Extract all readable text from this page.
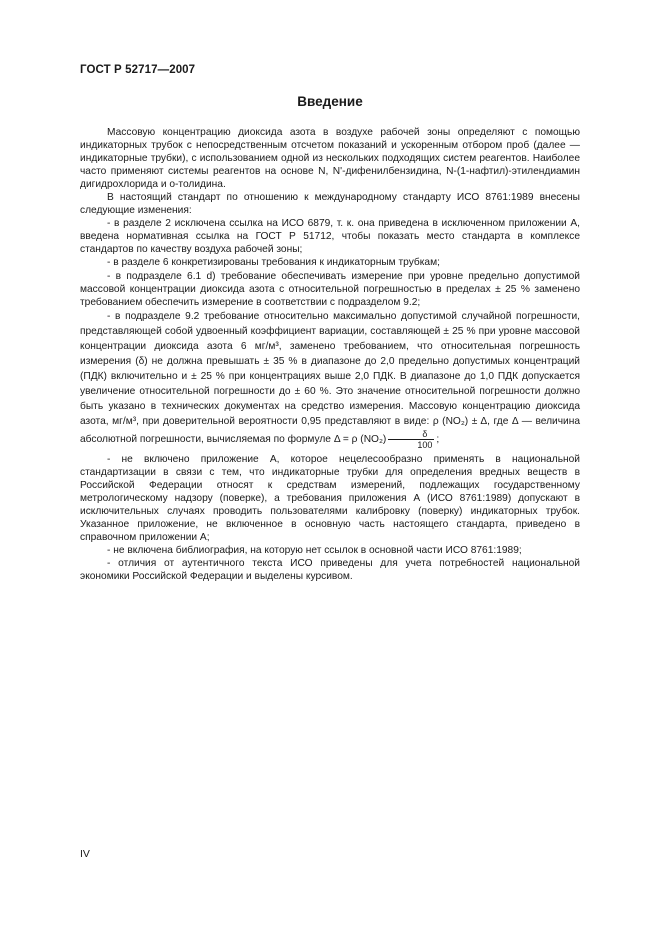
ГОСТ Р 52717—2007
Введение

Массовую концентрацию диоксида азота в воздухе рабочей зоны определяют с помощью индикаторных трубок с непосредственным отсчетом показаний и ускоренным отбором проб (далее — индикаторные трубки), с использованием одной из нескольких подходящих систем реагентов. Наиболее часто применяют системы реагентов на основе N, N'-дифенилбензидина, N-(1-нафтил)-этилендиамин дигидрохлорида и о-толидина.

В настоящий стандарт по отношению к международному стандарту ИСО 8761:1989 внесены следующие изменения:

- в разделе 2 исключена ссылка на ИСО 6879, т. к. она приведена в исключенном приложении А, введена нормативная ссылка на ГОСТ Р 51712, чтобы показать место стандарта в комплексе стандартов по качеству воздуха рабочей зоны;

- в разделе 6 конкретизированы требования к индикаторным трубкам;

- в подразделе 6.1 d) требование обеспечивать измерение при уровне предельно допустимой массовой концентрации диоксида азота с относительной погрешностью в пределах ± 25 % заменено требованием обеспечить измерение в соответствии с подразделом 9.2;

- в подразделе 9.2 требование относительно максимально допустимой случайной погрешности, представляющей собой удвоенный коэффициент вариации, составляющей ± 25 % при уровне массовой концентрации диоксида азота 6 мг/м³, заменено требованием, что относительная погрешность измерения (δ) не должна превышать ± 35 % в диапазоне до 2,0 предельно допустимых концентраций (ПДК) включительно и ± 25 % при концентрациях выше 2,0 ПДК. В диапазоне до 1,0 ПДК допускается увеличение относительной погрешности до ± 60 %. Это значение относительной погрешности должно быть указано в технических документах на средство измерения. Массовую концентрацию диоксида азота, мг/м³, при доверительной вероятности 0,95 представляют в виде: ρ (NO₂) ± Δ, где Δ — величина абсолютной погрешности, вычисляемая по формуле Δ = ρ $(NO_2) \frac{\delta}{100}$ ;

- не включено приложение А, которое нецелесообразно применять в национальной стандартизации в связи с тем, что индикаторные трубки для определения вредных веществ в Российской Федерации относят к средствам измерений, подлежащих государственному метрологическому надзору (поверке), а требования приложения А (ИСО 8761:1989) допускают в исключительных случаях проводить пользователями калибровку (поверку) индикаторных трубок. Указанное приложение, не включенное в основную часть настоящего стандарта, приведено в справочном приложении А;

- не включена библиография, на которую нет ссылок в основной части ИСО 8761:1989;

- отличия от аутентичного текста ИСО приведены для учета потребностей национальной экономики Российской Федерации и выделены курсивом.

IV
